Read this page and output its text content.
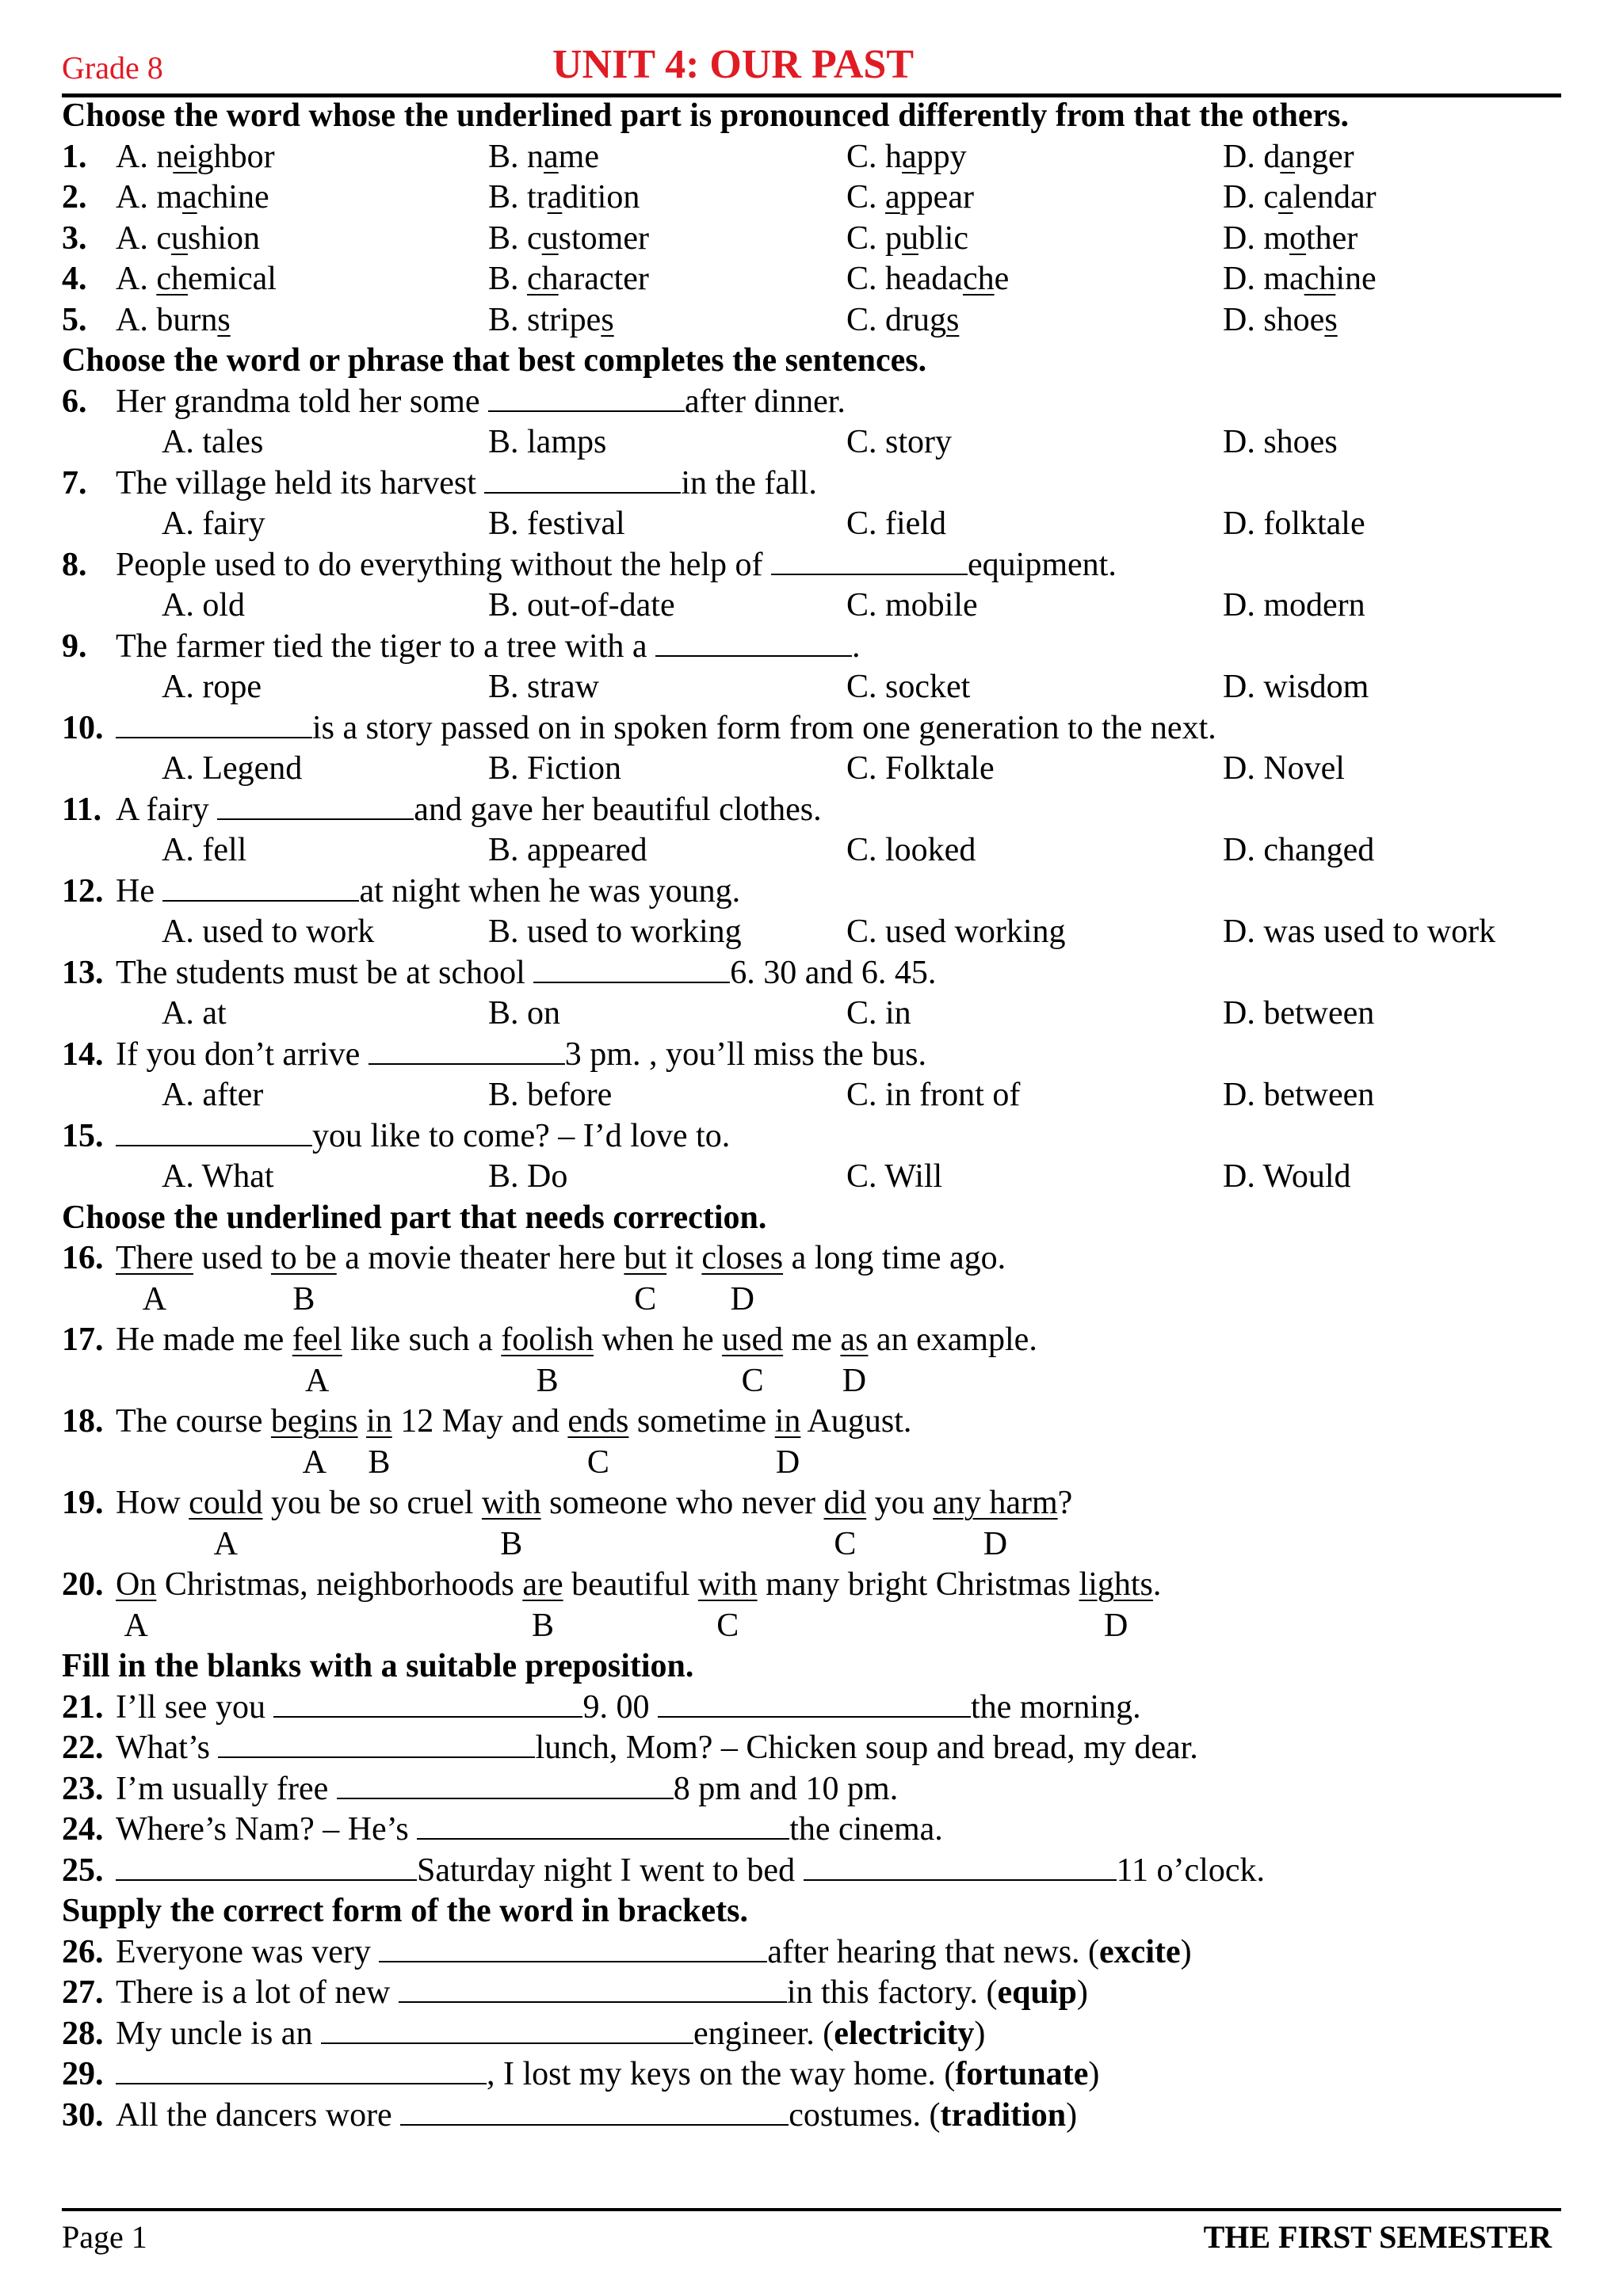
Grade 8	UNIT 4: OUR PAST
Choose the word whose the underlined part is pronounced differently from that the others.
1. A. neighbor	B. name	C. happy	D. danger
2. A. machine	B. tradition	C. appear	D. calendar
3. A. cushion	B. customer	C. public	D. mother
4. A. chemical	B. character	C. headache	D. machine
5. A. burns	B. stripes	C. drugs	D. shoes
Choose the word or phrase that best completes the sentences.
6. Her grandma told her some	after dinner.
A. tales	B. lamps	C. story	D. shoes
7. The village held its harvest	in the fall.
A. fairy	B. festival	C. field	D. folktale
8. People used to do everything without the help of	equipment.
A. old	B. out-of-date	C. mobile	D. modern
9. The farmer tied the tiger to a tree with a	.
A. rope	B. straw	C. socket	D. wisdom
10.	is a story passed on in spoken form from one generation to the next.
A. Legend	B. Fiction	C. Folktale	D. Novel
11. A fairy	and gave her beautiful clothes.
A. fell	B. appeared	C. looked	D. changed
12. He	at night when he was young.
A. used to work	B. used to working	C. used working	D. was used to work
13. The students must be at school	6. 30 and 6. 45.
A. at	B. on	C. in	D. between
14. If you don’t arrive	3 pm. , you’ll miss the bus.
A. after	B. before	C. in front of	D. between
15.	you like to come? – I’d love to.
A. What	B. Do	C. Will	D. Would
Choose the underlined part that needs correction.
16. There used to be a movie theater here but it closes a long time ago.
A	B	C D
17. He made me feel like such a foolish when he used me as an example.
A	B	C D
18. The course begins in 12 May and ends sometime in August.
A B	C	D
19. How could you be so cruel with someone who never did you any harm?
A	B	C	D
20. On Christmas, neighborhoods are beautiful with many bright Christmas lights.
A	B	C	D
Fill in the blanks with a suitable preposition.
21. I’ll see you	9. 00	the morning.
22. What’s	lunch, Mom? – Chicken soup and bread, my dear.
23. I’m usually free	8 pm and 10 pm.
24. Where’s Nam? – He’s	the cinema.
25.	Saturday night I went to bed	11 o’clock.
Supply the correct form of the word in brackets.
26. Everyone was very	after hearing that news. (excite)
27. There is a lot of new	in this factory. (equip)
28. My uncle is an	engineer. (electricity)
29.	, I lost my keys on the way home. (fortunate)
30. All the dancers wore	costumes. (tradition)
Page 1	THE FIRST SEMESTER
